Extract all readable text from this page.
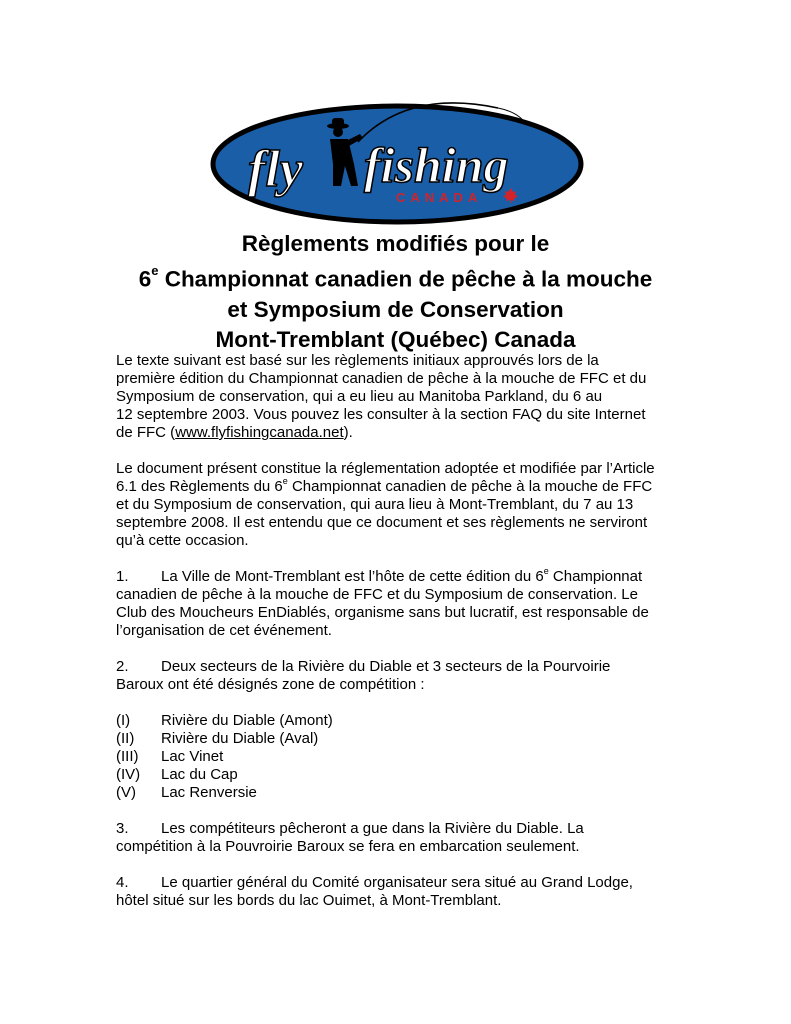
fly fishing
CANADA
Règlements modifiés pour le
6e Championnat canadien de pêche à la mouche
et Symposium de Conservation
Mont-Tremblant (Québec) Canada

Le texte suivant est basé sur les règlements initiaux approuvés lors de la
première édition du Championnat canadien de pêche à la mouche de FFC et du
Symposium de conservation, qui a eu lieu au Manitoba Parkland, du 6 au
12 septembre 2003. Vous pouvez les consulter à la section FAQ du site Internet
de FFC (www.flyfishingcanada.net).

Le document présent constitue la réglementation adoptée et modifiée par l’Article
6.1 des Règlements du 6e Championnat canadien de pêche à la mouche de FFC
et du Symposium de conservation, qui aura lieu à Mont-Tremblant, du 7 au 13
septembre 2008. Il est entendu que ce document et ses règlements ne serviront
qu’à cette occasion.

1. La Ville de Mont-Tremblant est l’hôte de cette édition du 6e Championnat
canadien de pêche à la mouche de FFC et du Symposium de conservation. Le
Club des Moucheurs EnDiablés, organisme sans but lucratif, est responsable de
l’organisation de cet événement.

2. Deux secteurs de la Rivière du Diable et 3 secteurs de la Pourvoirie
Baroux ont été désignés zone de compétition :

(I) Rivière du Diable (Amont)
(II) Rivière du Diable (Aval)
(III) Lac Vinet
(IV) Lac du Cap
(V) Lac Renversie

3. Les compétiteurs pêcheront a gue dans la Rivière du Diable. La
compétition à la Pouvroirie Baroux se fera en embarcation seulement.

4. Le quartier général du Comité organisateur sera situé au Grand Lodge,
hôtel situé sur les bords du lac Ouimet, à Mont-Tremblant.
